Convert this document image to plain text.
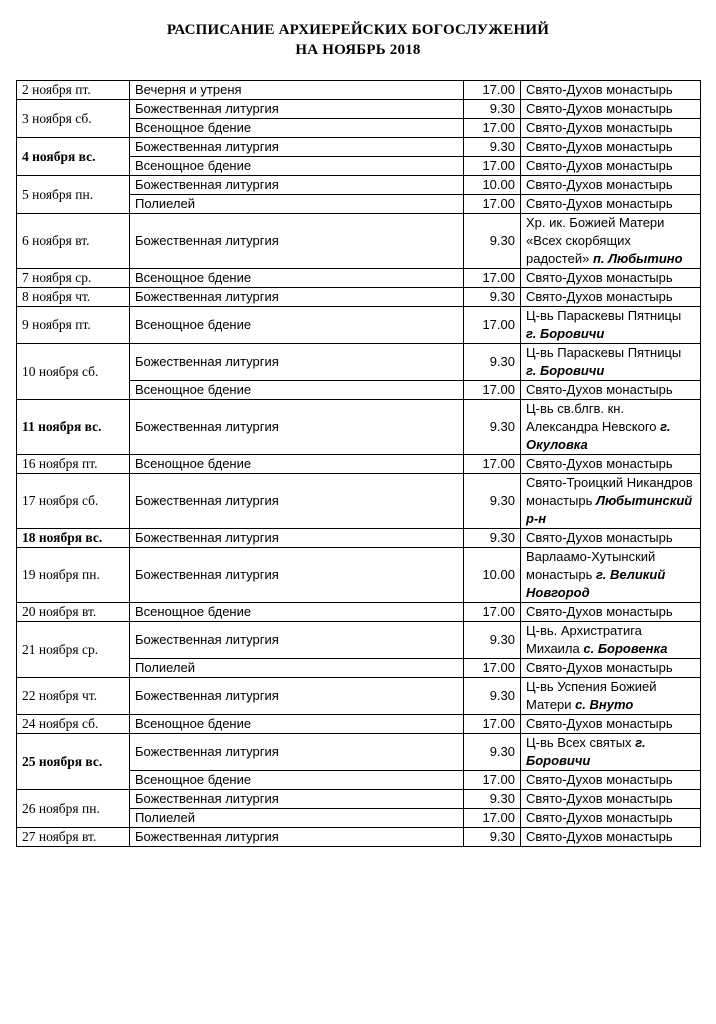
РАСПИСАНИЕ АРХИЕРЕЙСКИХ БОГОСЛУЖЕНИЙ
НА НОЯБРЬ 2018
2 ноября пт.	Вечерня и утреня	17.00	Свято-Духов монастырь
3 ноября сб.	Божественная литургия	9.30	Свято-Духов монастырь
	Всенощное бдение	17.00	Свято-Духов монастырь
4 ноября вс.	Божественная литургия	9.30	Свято-Духов монастырь
	Всенощное бдение	17.00	Свято-Духов монастырь
5 ноября пн.	Божественная литургия	10.00	Свято-Духов монастырь
	Полиелей	17.00	Свято-Духов монастырь
6 ноября вт.	Божественная литургия	9.30	Хр. ик. Божией Матери «Всех скорбящих радостей» п. Любытино
7 ноября ср.	Всенощное бдение	17.00	Свято-Духов монастырь
8 ноября чт.	Божественная литургия	9.30	Свято-Духов монастырь
9 ноября пт.	Всенощное бдение	17.00	Ц-вь Параскевы Пятницы г. Боровичи
10 ноября сб.	Божественная литургия	9.30	Ц-вь Параскевы Пятницы г. Боровичи
	Всенощное бдение	17.00	Свято-Духов монастырь
11 ноября вс.	Божественная литургия	9.30	Ц-вь св.блгв. кн. Александра Невского г. Окуловка
16 ноября пт.	Всенощное бдение	17.00	Свято-Духов монастырь
17 ноября сб.	Божественная литургия	9.30	Свято-Троицкий Никандров монастырь Любытинский р-н
18 ноября вс.	Божественная литургия	9.30	Свято-Духов монастырь
19 ноября пн.	Божественная литургия	10.00	Варлаамо-Хутынский монастырь г. Великий Новгород
20 ноября вт.	Всенощное бдение	17.00	Свято-Духов монастырь
21 ноября ср.	Божественная литургия	9.30	Ц-вь. Архистратига Михаила с. Боровенка
	Полиелей	17.00	Свято-Духов монастырь
22 ноября чт.	Божественная литургия	9.30	Ц-вь Успения Божией Матери с. Внуто
24 ноября сб.	Всенощное бдение	17.00	Свято-Духов монастырь
25 ноября вс.	Божественная литургия	9.30	Ц-вь Всех святых г. Боровичи
	Всенощное бдение	17.00	Свято-Духов монастырь
26 ноября пн.	Божественная литургия	9.30	Свято-Духов монастырь
	Полиелей	17.00	Свято-Духов монастырь
27 ноября вт.	Божественная литургия	9.30	Свято-Духов монастырь
